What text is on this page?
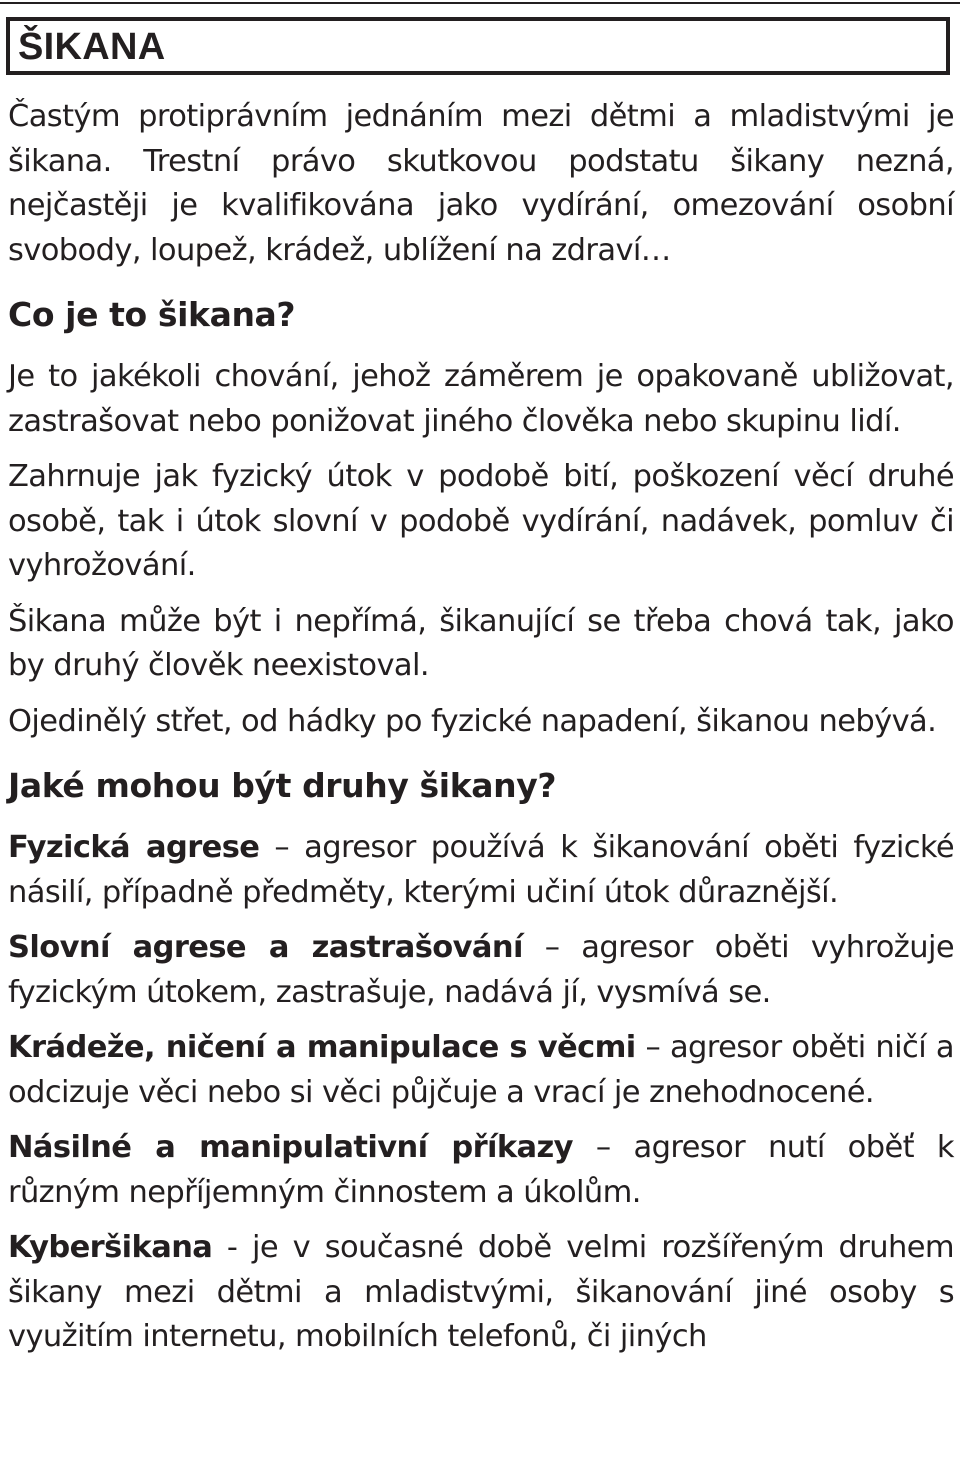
ŠIKANA

Častým protiprávním jednáním mezi dětmi a mladistvými je šikana. Trestní právo skutkovou podstatu šikany nezná, nejčastěji je kvalifikována jako vydírání, omezování osobní svobody, loupež, krádež, ublížení na zdraví…

Co je to šikana?

Je to jakékoli chování, jehož záměrem je opakovaně ubližovat, zastrašovat nebo ponižovat jiného člověka nebo skupinu lidí.

Zahrnuje jak fyzický útok v podobě bití, poškození věcí druhé osobě, tak i útok slovní v podobě vydírání, nadávek, pomluv či vyhrožování.

Šikana může být i nepřímá, šikanující se třeba chová tak, jako by druhý člověk neexistoval.

Ojedinělý střet, od hádky po fyzické napadení, šikanou nebývá.

Jaké mohou být druhy šikany?

Fyzická agrese – agresor používá k šikanování oběti fyzické násilí, případně předměty, kterými učiní útok důraznější.

Slovní agrese a zastrašování – agresor oběti vyhrožuje fyzickým útokem, zastrašuje, nadává jí, vysmívá se.

Krádeže, ničení a manipulace s věcmi – agresor oběti ničí a odcizuje věci nebo si věci půjčuje a vrací je znehodnocené.

Násilné a manipulativní příkazy – agresor nutí oběť k různým nepříjemným činnostem a úkolům.

Kyberšikana - je v současné době velmi rozšířeným druhem šikany mezi dětmi a mladistvými, šikanování jiné osoby s využitím internetu, mobilních telefonů, či jiných
